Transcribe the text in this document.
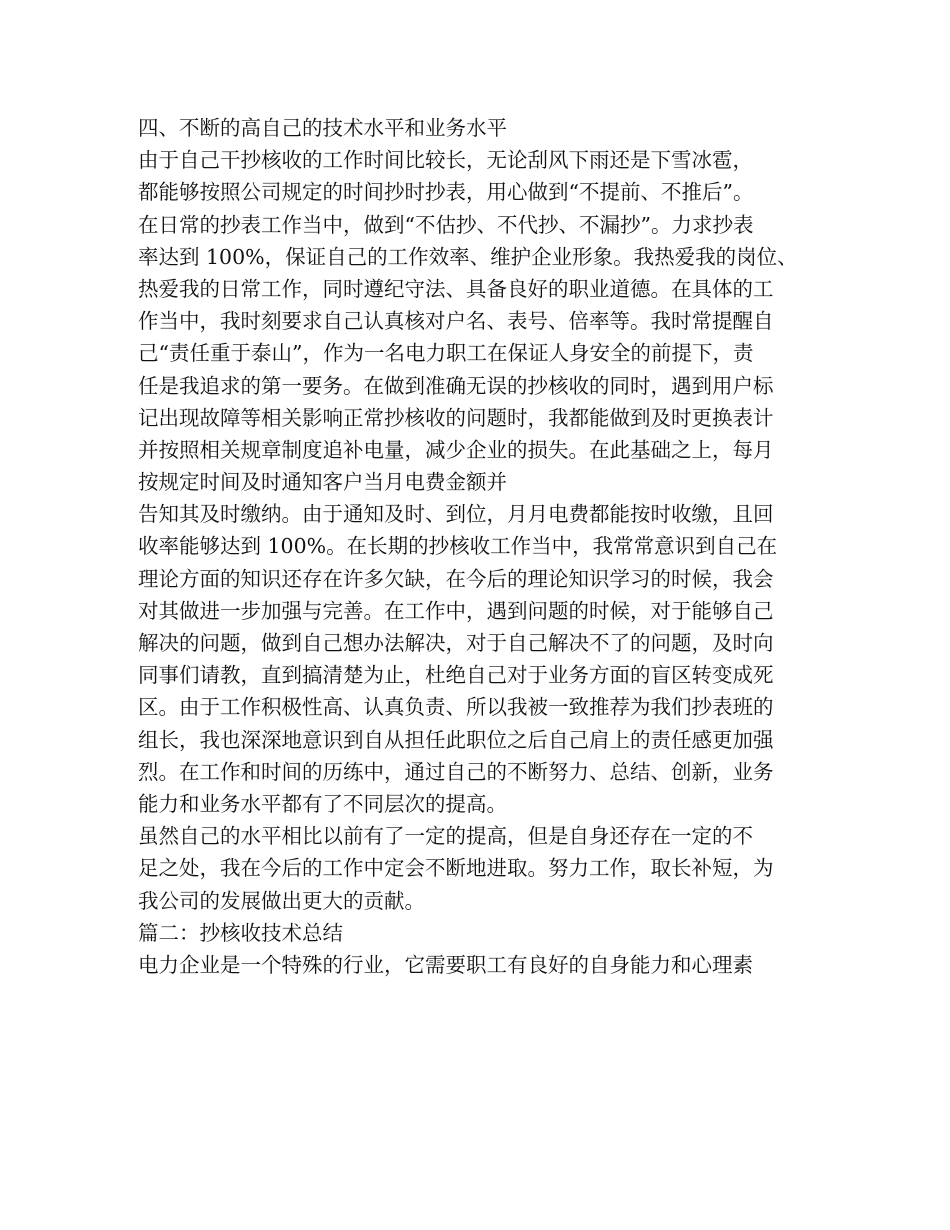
四、不断的高自己的技术水平和业务水平
由于自己干抄核收的工作时间比较长，无论刮风下雨还是下雪冰雹，
都能够按照公司规定的时间抄时抄表，用心做到“不提前、不推后”。
在日常的抄表工作当中，做到“不估抄、不代抄、不漏抄”。力求抄表
率达到 100%，保证自己的工作效率、维护企业形象。我热爱我的岗位、
热爱我的日常工作，同时遵纪守法、具备良好的职业道德。在具体的工
作当中，我时刻要求自己认真核对户名、表号、倍率等。我时常提醒自
己“责任重于泰山”，作为一名电力职工在保证人身安全的前提下，责
任是我追求的第一要务。在做到准确无误的抄核收的同时，遇到用户标
记出现故障等相关影响正常抄核收的问题时，我都能做到及时更换表计
并按照相关规章制度追补电量，减少企业的损失。在此基础之上，每月
按规定时间及时通知客户当月电费金额并
告知其及时缴纳。由于通知及时、到位，月月电费都能按时收缴，且回
收率能够达到 100%。在长期的抄核收工作当中，我常常意识到自己在
理论方面的知识还存在许多欠缺，在今后的理论知识学习的时候，我会
对其做进一步加强与完善。在工作中，遇到问题的时候，对于能够自己
解决的问题，做到自己想办法解决，对于自己解决不了的问题，及时向
同事们请教，直到搞清楚为止，杜绝自己对于业务方面的盲区转变成死
区。由于工作积极性高、认真负责、所以我被一致推荐为我们抄表班的
组长，我也深深地意识到自从担任此职位之后自己肩上的责任感更加强
烈。在工作和时间的历练中，通过自己的不断努力、总结、创新，业务
能力和业务水平都有了不同层次的提高。
虽然自己的水平相比以前有了一定的提高，但是自身还存在一定的不
足之处，我在今后的工作中定会不断地进取。努力工作，取长补短，为
我公司的发展做出更大的贡献。
篇二：抄核收技术总结
电力企业是一个特殊的行业，它需要职工有良好的自身能力和心理素
